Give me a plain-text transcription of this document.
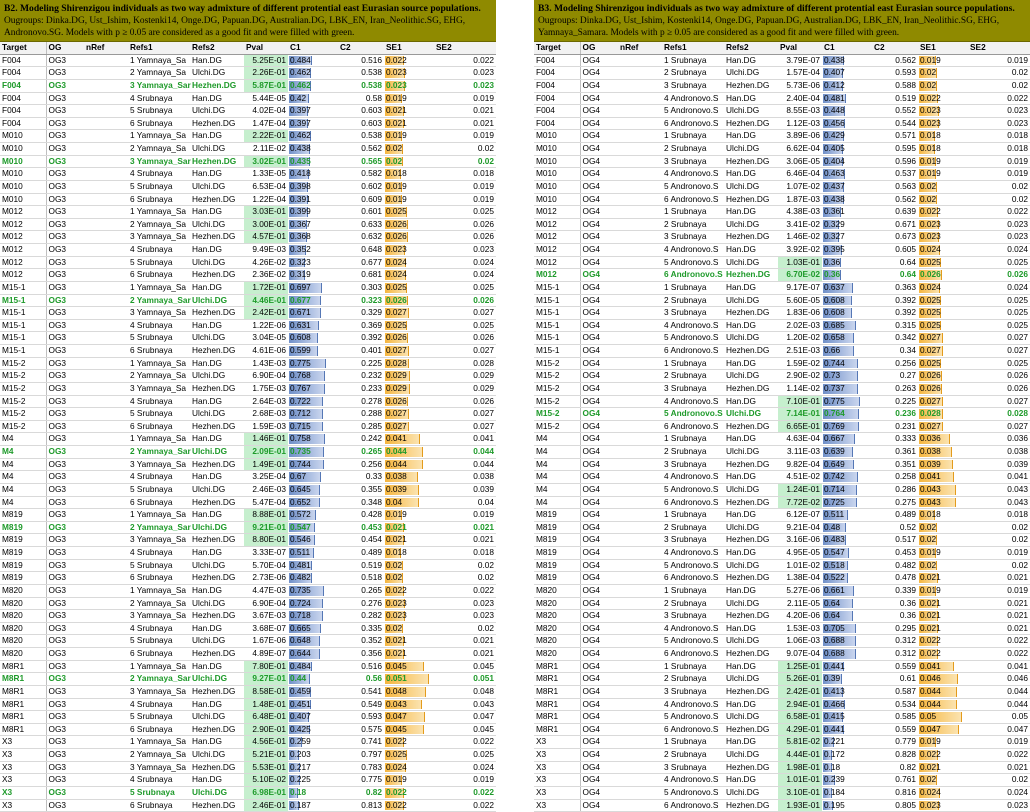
B2. Modeling Shirenzigou individuals as two way admixture of different protential east Eurasian source populations. Ougroups: Dinka.DG, Ust_Ishim, Kostenki14, Onge.DG, Papuan.DG, Australian.DG, LBK_EN, Iran_Neolithic.SG, EHG, Andronovo.SG. Models with p ≥ 0.05 are considered as a good fit and were filled with green.
Target	OG	nRef	Refs1	Refs2	Pval	C1	C2	SE1	SE2
F004	OG3		1 Yamnaya_Sa	Han.DG	5.25E-01	0.484	0.516	0.022	0.022
F004	OG3		2 Yamnaya_Sa	Ulchi.DG	2.26E-01	0.462	0.538	0.023	0.023
F004	OG3		3 Yamnaya_Sar	Hezhen.DG	5.87E-01	0.462	0.538	0.023	0.023
F004	OG3		4 Srubnaya	Han.DG	5.44E-05	0.42	0.58	0.019	0.019
F004	OG3		5 Srubnaya	Ulchi.DG	4.02E-04	0.397	0.603	0.021	0.021
F004	OG3		6 Srubnaya	Hezhen.DG	1.47E-04	0.397	0.603	0.021	0.021
M010	OG3		1 Yamnaya_Sa	Han.DG	2.22E-01	0.462	0.538	0.019	0.019
M010	OG3		2 Yamnaya_Sa	Ulchi.DG	2.11E-02	0.438	0.562	0.02	0.02
M010	OG3		3 Yamnaya_Sar	Hezhen.DG	3.02E-01	0.435	0.565	0.02	0.02
M010	OG3		4 Srubnaya	Han.DG	1.33E-05	0.418	0.582	0.018	0.018
M010	OG3		5 Srubnaya	Ulchi.DG	6.53E-04	0.398	0.602	0.019	0.019
M010	OG3		6 Srubnaya	Hezhen.DG	1.22E-04	0.391	0.609	0.019	0.019
M012	OG3		1 Yamnaya_Sa	Han.DG	3.03E-01	0.399	0.601	0.025	0.025
M012	OG3		2 Yamnaya_Sa	Ulchi.DG	3.00E-01	0.367	0.633	0.026	0.026
M012	OG3		3 Yamnaya_Sa	Hezhen.DG	4.57E-01	0.368	0.632	0.026	0.026
M012	OG3		4 Srubnaya	Han.DG	9.49E-03	0.352	0.648	0.023	0.023
M012	OG3		5 Srubnaya	Ulchi.DG	4.26E-02	0.323	0.677	0.024	0.024
M012	OG3		6 Srubnaya	Hezhen.DG	2.36E-02	0.319	0.681	0.024	0.024
M15-1	OG3		1 Yamnaya_Sa	Han.DG	1.72E-01	0.697	0.303	0.025	0.025
M15-1	OG3		2 Yamnaya_Sar	Ulchi.DG	4.46E-01	0.677	0.323	0.026	0.026
M15-1	OG3		3 Yamnaya_Sa	Hezhen.DG	2.42E-01	0.671	0.329	0.027	0.027
M15-1	OG3		4 Srubnaya	Han.DG	1.22E-06	0.631	0.369	0.025	0.025
M15-1	OG3		5 Srubnaya	Ulchi.DG	3.04E-05	0.608	0.392	0.026	0.026
M15-1	OG3		6 Srubnaya	Hezhen.DG	4.61E-06	0.599	0.401	0.027	0.027
M15-2	OG3		1 Yamnaya_Sa	Han.DG	1.43E-03	0.775	0.225	0.028	0.028
M15-2	OG3		2 Yamnaya_Sa	Ulchi.DG	6.90E-04	0.768	0.232	0.029	0.029
M15-2	OG3		3 Yamnaya_Sa	Hezhen.DG	1.75E-03	0.767	0.233	0.029	0.029
M15-2	OG3		4 Srubnaya	Han.DG	2.64E-03	0.722	0.278	0.026	0.026
M15-2	OG3		5 Srubnaya	Ulchi.DG	2.68E-03	0.712	0.288	0.027	0.027
M15-2	OG3		6 Srubnaya	Hezhen.DG	1.59E-03	0.715	0.285	0.027	0.027
M4	OG3		1 Yamnaya_Sa	Han.DG	1.46E-01	0.758	0.242	0.041	0.041
M4	OG3		2 Yamnaya_Sar	Ulchi.DG	2.09E-01	0.735	0.265	0.044	0.044
M4	OG3		3 Yamnaya_Sa	Hezhen.DG	1.49E-01	0.744	0.256	0.044	0.044
M4	OG3		4 Srubnaya	Han.DG	3.25E-04	0.67	0.33	0.038	0.038
M4	OG3		5 Srubnaya	Ulchi.DG	2.46E-03	0.645	0.355	0.039	0.039
M4	OG3		6 Srubnaya	Hezhen.DG	5.47E-04	0.652	0.348	0.04	0.04
M819	OG3		1 Yamnaya_Sa	Han.DG	8.88E-01	0.572	0.428	0.019	0.019
M819	OG3		2 Yamnaya_Sar	Ulchi.DG	9.21E-01	0.547	0.453	0.021	0.021
M819	OG3		3 Yamnaya_Sa	Hezhen.DG	8.80E-01	0.546	0.454	0.021	0.021
M819	OG3		4 Srubnaya	Han.DG	3.33E-07	0.511	0.489	0.018	0.018
M819	OG3		5 Srubnaya	Ulchi.DG	5.70E-04	0.481	0.519	0.02	0.02
M819	OG3		6 Srubnaya	Hezhen.DG	2.73E-06	0.482	0.518	0.02	0.02
M820	OG3		1 Yamnaya_Sa	Han.DG	4.47E-03	0.735	0.265	0.022	0.022
M820	OG3		2 Yamnaya_Sa	Ulchi.DG	6.90E-04	0.724	0.276	0.023	0.023
M820	OG3		3 Yamnaya_Sa	Hezhen.DG	3.67E-03	0.718	0.282	0.023	0.023
M820	OG3		4 Srubnaya	Han.DG	3.68E-07	0.665	0.335	0.02	0.02
M820	OG3		5 Srubnaya	Ulchi.DG	1.67E-06	0.648	0.352	0.021	0.021
M820	OG3		6 Srubnaya	Hezhen.DG	4.89E-07	0.644	0.356	0.021	0.021
M8R1	OG3		1 Yamnaya_Sa	Han.DG	7.80E-01	0.484	0.516	0.045	0.045
M8R1	OG3		2 Yamnaya_Sar	Ulchi.DG	9.27E-01	0.44	0.56	0.051	0.051
M8R1	OG3		3 Yamnaya_Sa	Hezhen.DG	8.58E-01	0.459	0.541	0.048	0.048
M8R1	OG3		4 Srubnaya	Han.DG	1.48E-01	0.451	0.549	0.043	0.043
M8R1	OG3		5 Srubnaya	Ulchi.DG	6.48E-01	0.407	0.593	0.047	0.047
M8R1	OG3		6 Srubnaya	Hezhen.DG	2.90E-01	0.425	0.575	0.045	0.045
X3	OG3		1 Yamnaya_Sa	Han.DG	4.56E-01	0.259	0.741	0.022	0.022
X3	OG3		2 Yamnaya_Sa	Ulchi.DG	5.21E-01	0.203	0.797	0.025	0.025
X3	OG3		3 Yamnaya_Sa	Hezhen.DG	5.53E-01	0.217	0.783	0.024	0.024
X3	OG3		4 Srubnaya	Han.DG	5.10E-02	0.225	0.775	0.019	0.019
X3	OG3		5 Srubnaya	Ulchi.DG	6.98E-01	0.18	0.82	0.022	0.022
X3	OG3		6 Srubnaya	Hezhen.DG	2.46E-01	0.187	0.813	0.022	0.022
B3. Modeling Shirenzigou individuals as two way admixture of different protential east Eurasian source populations. Ougroups: Dinka.DG, Ust_Ishim, Kostenki14, Onge.DG, Papuan.DG, Australian.DG, LBK_EN, Iran_Neolithic.SG, EHG, Yamnaya_Samara. Models with p ≥ 0.05 are considered as a good fit and were filled with green.
Target	OG	nRef	Refs1	Refs2	Pval	C1	C2	SE1	SE2
F004	OG4		1 Srubnaya	Han.DG	3.79E-07	0.438	0.562	0.019	0.019
F004	OG4		2 Srubnaya	Ulchi.DG	1.57E-04	0.407	0.593	0.02	0.02
F004	OG4		3 Srubnaya	Hezhen.DG	5.73E-06	0.412	0.588	0.02	0.02
F004	OG4		4 Andronovo.S	Han.DG	2.40E-04	0.481	0.519	0.022	0.022
F004	OG4		5 Andronovo.S	Ulchi.DG	8.55E-03	0.448	0.552	0.023	0.023
F004	OG4		6 Andronovo.S	Hezhen.DG	1.12E-03	0.456	0.544	0.023	0.023
M010	OG4		1 Srubnaya	Han.DG	3.89E-06	0.429	0.571	0.018	0.018
M010	OG4		2 Srubnaya	Ulchi.DG	6.62E-04	0.405	0.595	0.018	0.018
M010	OG4		3 Srubnaya	Hezhen.DG	3.06E-05	0.404	0.596	0.019	0.019
M010	OG4		4 Andronovo.S	Han.DG	6.46E-04	0.463	0.537	0.019	0.019
M010	OG4		5 Andronovo.S	Ulchi.DG	1.07E-02	0.437	0.563	0.02	0.02
M010	OG4		6 Andronovo.S	Hezhen.DG	1.87E-03	0.438	0.562	0.02	0.02
M012	OG4		1 Srubnaya	Han.DG	4.38E-03	0.361	0.639	0.022	0.022
M012	OG4		2 Srubnaya	Ulchi.DG	3.41E-02	0.329	0.671	0.023	0.023
M012	OG4		3 Srubnaya	Hezhen.DG	1.46E-02	0.327	0.673	0.023	0.023
M012	OG4		4 Andronovo.S	Han.DG	3.92E-02	0.395	0.605	0.024	0.024
M012	OG4		5 Andronovo.S	Ulchi.DG	1.03E-01	0.36	0.64	0.025	0.025
M012	OG4		6 Andronovo.S	Hezhen.DG	6.70E-02	0.36	0.64	0.026	0.026
M15-1	OG4		1 Srubnaya	Han.DG	9.17E-07	0.637	0.363	0.024	0.024
M15-1	OG4		2 Srubnaya	Ulchi.DG	5.60E-05	0.608	0.392	0.025	0.025
M15-1	OG4		3 Srubnaya	Hezhen.DG	1.83E-06	0.608	0.392	0.025	0.025
M15-1	OG4		4 Andronovo.S	Han.DG	2.02E-03	0.685	0.315	0.025	0.025
M15-1	OG4		5 Andronovo.S	Ulchi.DG	1.20E-02	0.658	0.342	0.027	0.027
M15-1	OG4		6 Andronovo.S	Hezhen.DG	2.51E-03	0.66	0.34	0.027	0.027
M15-2	OG4		1 Srubnaya	Han.DG	1.59E-02	0.744	0.256	0.025	0.025
M15-2	OG4		2 Srubnaya	Ulchi.DG	2.90E-02	0.73	0.27	0.026	0.026
M15-2	OG4		3 Srubnaya	Hezhen.DG	1.14E-02	0.737	0.263	0.026	0.026
M15-2	OG4		4 Andronovo.S	Han.DG	7.10E-01	0.775	0.225	0.027	0.027
M15-2	OG4		5 Andronovo.S	Ulchi.DG	7.14E-01	0.764	0.236	0.028	0.028
M15-2	OG4		6 Andronovo.S	Hezhen.DG	6.65E-01	0.769	0.231	0.027	0.027
M4	OG4		1 Srubnaya	Han.DG	4.63E-04	0.667	0.333	0.036	0.036
M4	OG4		2 Srubnaya	Ulchi.DG	3.11E-03	0.639	0.361	0.038	0.038
M4	OG4		3 Srubnaya	Hezhen.DG	9.82E-04	0.649	0.351	0.039	0.039
M4	OG4		4 Andronovo.S	Han.DG	4.51E-02	0.742	0.258	0.041	0.041
M4	OG4		5 Andronovo.S	Ulchi.DG	1.24E-01	0.714	0.286	0.043	0.043
M4	OG4		6 Andronovo.S	Hezhen.DG	7.72E-02	0.725	0.275	0.043	0.043
M819	OG4		1 Srubnaya	Han.DG	6.12E-07	0.511	0.489	0.018	0.018
M819	OG4		2 Srubnaya	Ulchi.DG	9.21E-04	0.48	0.52	0.02	0.02
M819	OG4		3 Srubnaya	Hezhen.DG	3.16E-06	0.483	0.517	0.02	0.02
M819	OG4		4 Andronovo.S	Han.DG	4.95E-05	0.547	0.453	0.019	0.019
M819	OG4		5 Andronovo.S	Ulchi.DG	1.01E-02	0.518	0.482	0.02	0.02
M819	OG4		6 Andronovo.S	Hezhen.DG	1.38E-04	0.522	0.478	0.021	0.021
M820	OG4		1 Srubnaya	Han.DG	5.27E-06	0.661	0.339	0.019	0.019
M820	OG4		2 Srubnaya	Ulchi.DG	2.11E-05	0.64	0.36	0.021	0.021
M820	OG4		3 Srubnaya	Hezhen.DG	4.20E-06	0.64	0.36	0.021	0.021
M820	OG4		4 Andronovo.S	Han.DG	1.53E-03	0.705	0.295	0.021	0.021
M820	OG4		5 Andronovo.S	Ulchi.DG	1.06E-03	0.688	0.312	0.022	0.022
M820	OG4		6 Andronovo.S	Hezhen.DG	9.07E-04	0.688	0.312	0.022	0.022
M8R1	OG4		1 Srubnaya	Han.DG	1.25E-01	0.441	0.559	0.041	0.041
M8R1	OG4		2 Srubnaya	Ulchi.DG	5.26E-01	0.39	0.61	0.046	0.046
M8R1	OG4		3 Srubnaya	Hezhen.DG	2.42E-01	0.413	0.587	0.044	0.044
M8R1	OG4		4 Andronovo.S	Han.DG	2.94E-01	0.466	0.534	0.044	0.044
M8R1	OG4		5 Andronovo.S	Ulchi.DG	6.58E-01	0.415	0.585	0.05	0.05
M8R1	OG4		6 Andronovo.S	Hezhen.DG	4.29E-01	0.441	0.559	0.047	0.047
X3	OG4		1 Srubnaya	Han.DG	5.81E-02	0.221	0.779	0.019	0.019
X3	OG4		2 Srubnaya	Ulchi.DG	4.44E-01	0.172	0.828	0.022	0.022
X3	OG4		3 Srubnaya	Hezhen.DG	1.98E-01	0.18	0.82	0.021	0.021
X3	OG4		4 Andronovo.S	Han.DG	1.01E-01	0.239	0.761	0.02	0.02
X3	OG4		5 Andronovo.S	Ulchi.DG	3.10E-01	0.184	0.816	0.024	0.024
X3	OG4		6 Andronovo.S	Hezhen.DG	1.93E-01	0.195	0.805	0.023	0.023
